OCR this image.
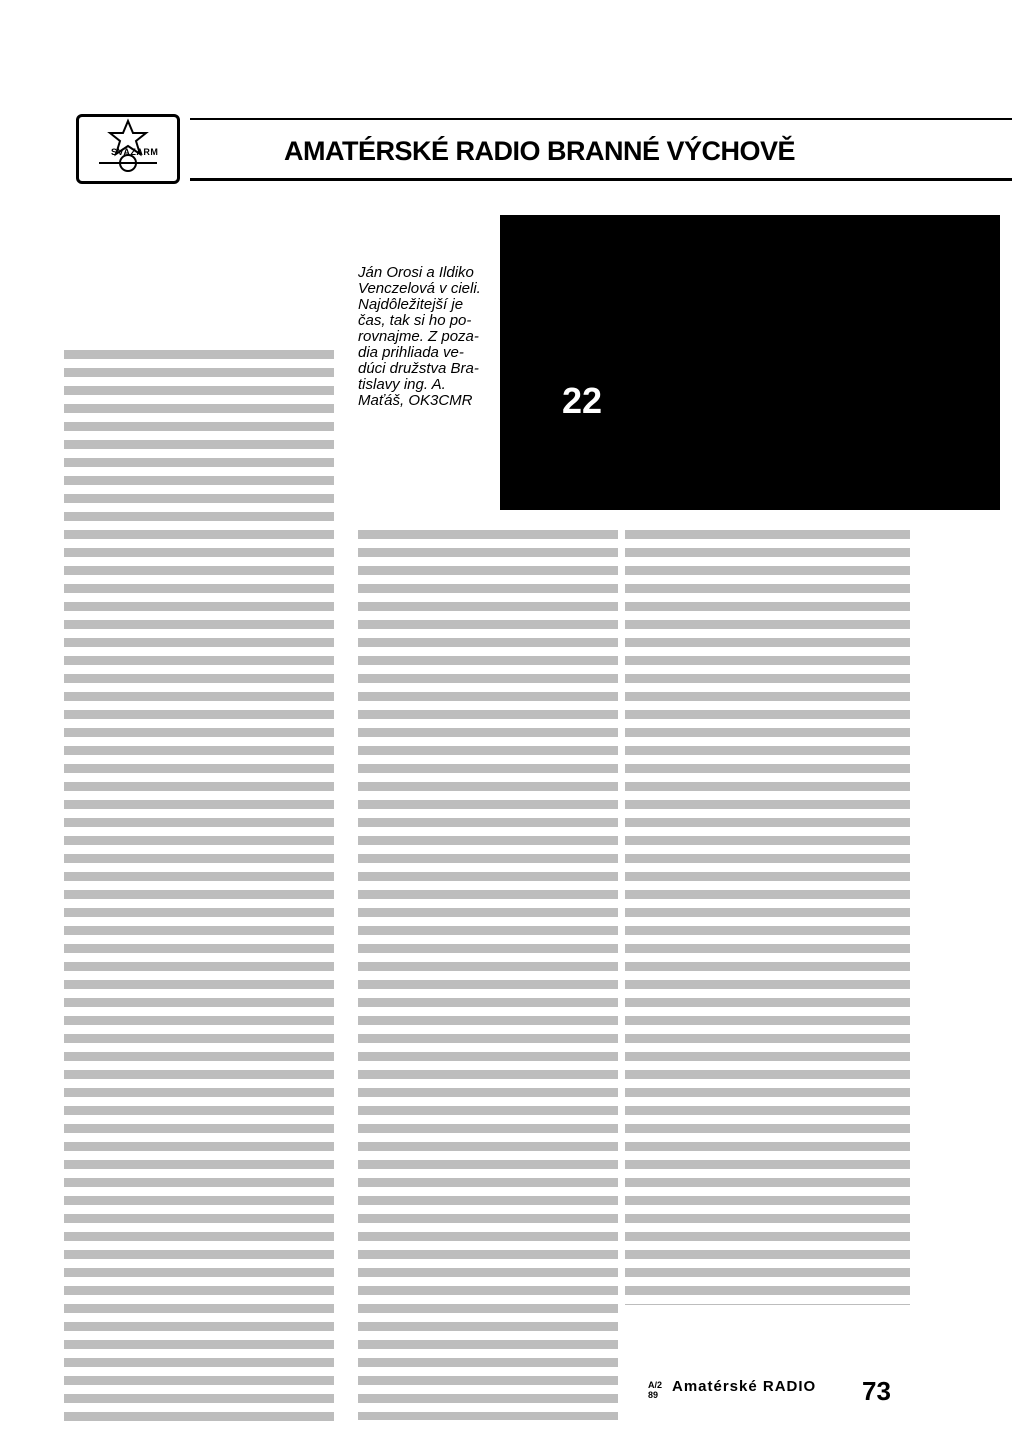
SVAZARM	AMATÉRSKÉ RADIO BRANNÉ VÝCHOVĚ
Ján Orosi a Ildiko
Venczelová v cieli.
Najdôležitejší je
čas, tak si ho po-
rovnajme. Z poza-
dia prihliada ve-
dúci družstva Bra-
tislavy ing. A.
Maťáš, OK3CMR	22
A/2
89 Amatérské RADIO 73
